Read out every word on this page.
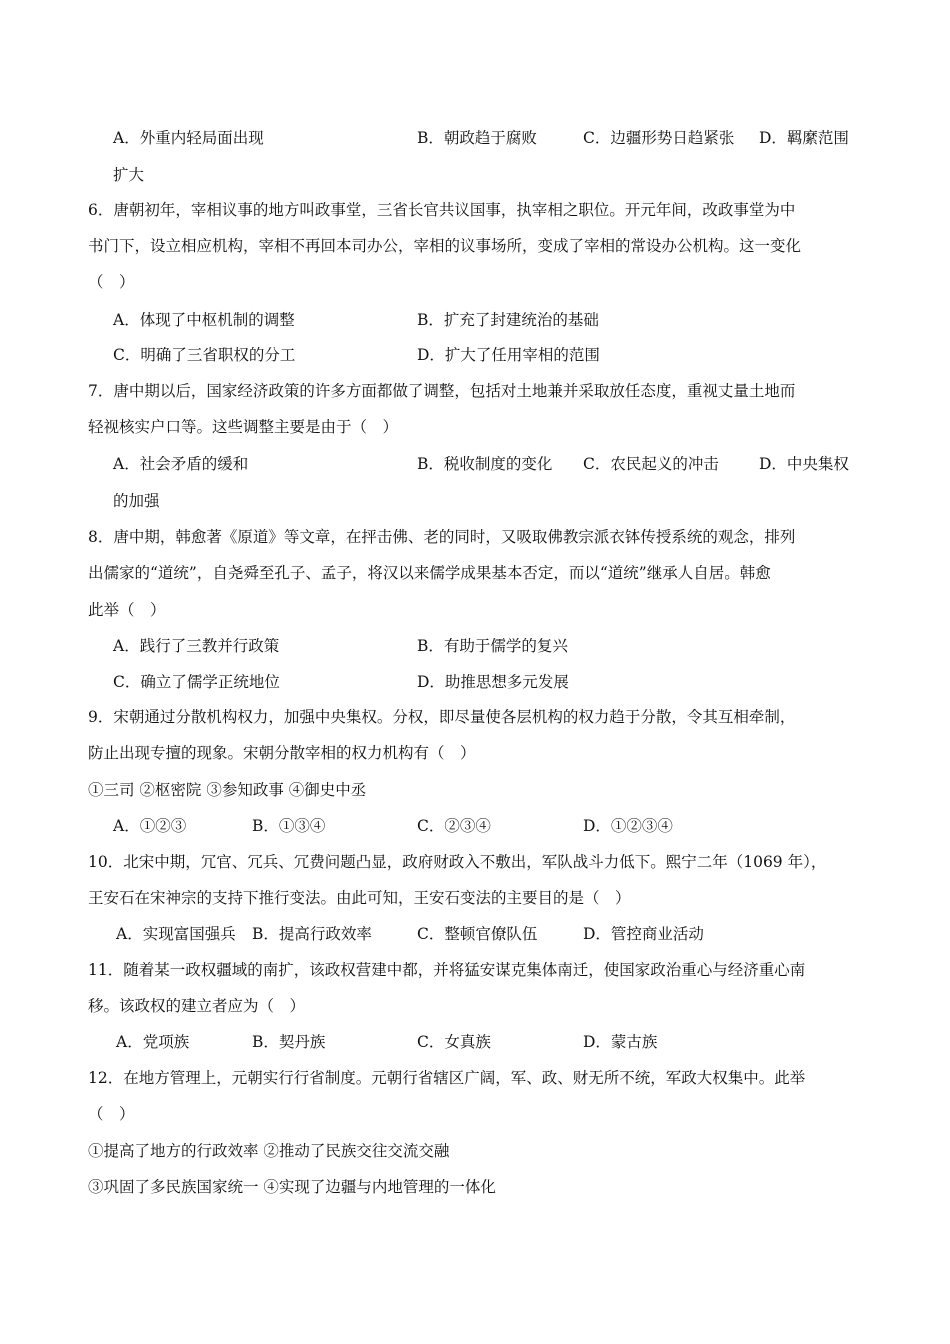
A．外重内轻局面出现	B．朝政趋于腐败	C．边疆形势日趋紧张 D．羁縻范围
扩大
6．唐朝初年，宰相议事的地方叫政事堂，三省长官共议国事，执宰相之职位。开元年间，改政事堂为中
书门下，设立相应机构，宰相不再回本司办公，宰相的议事场所，变成了宰相的常设办公机构。这一变化
（　）
A．体现了中枢机制的调整	B．扩充了封建统治的基础
C．明确了三省职权的分工	D．扩大了任用宰相的范围
7．唐中期以后，国家经济政策的许多方面都做了调整，包括对土地兼并采取放任态度，重视丈量土地而
轻视核实户口等。这些调整主要是由于（　）
A．社会矛盾的缓和	B．税收制度的变化 C．农民起义的冲击	D．中央集权
的加强
8．唐中期，韩愈著《原道》等文章，在抨击佛、老的同时，又吸取佛教宗派衣钵传授系统的观念，排列
出儒家的“道统”，自尧舜至孔子、孟子，将汉以来儒学成果基本否定，而以“道统”继承人自居。韩愈
此举（　）
A．践行了三教并行政策	B．有助于儒学的复兴
C．确立了儒学正统地位	D．助推思想多元发展
9．宋朝通过分散机构权力，加强中央集权。分权，即尽量使各层机构的权力趋于分散，令其互相牵制，
防止出现专擅的现象。宋朝分散宰相的权力机构有（　）
①三司 ②枢密院 ③参知政事 ④御史中丞
A．①②③	B．①③④	C．②③④	D．①②③④
10．北宋中期，冗官、冗兵、冗费问题凸显，政府财政入不敷出，军队战斗力低下。熙宁二年（1069 年），
王安石在宋神宗的支持下推行变法。由此可知，王安石变法的主要目的是（　）
A．实现富国强兵 B．提高行政效率	C．整顿官僚队伍	D．管控商业活动
11．随着某一政权疆域的南扩，该政权营建中都，并将猛安谋克集体南迁，使国家政治重心与经济重心南
移。该政权的建立者应为（　）
A．党项族	B．契丹族	C．女真族	D．蒙古族
12．在地方管理上，元朝实行行省制度。元朝行省辖区广阔，军、政、财无所不统，军政大权集中。此举
（　）
①提高了地方的行政效率 ②推动了民族交往交流交融
③巩固了多民族国家统一 ④实现了边疆与内地管理的一体化
